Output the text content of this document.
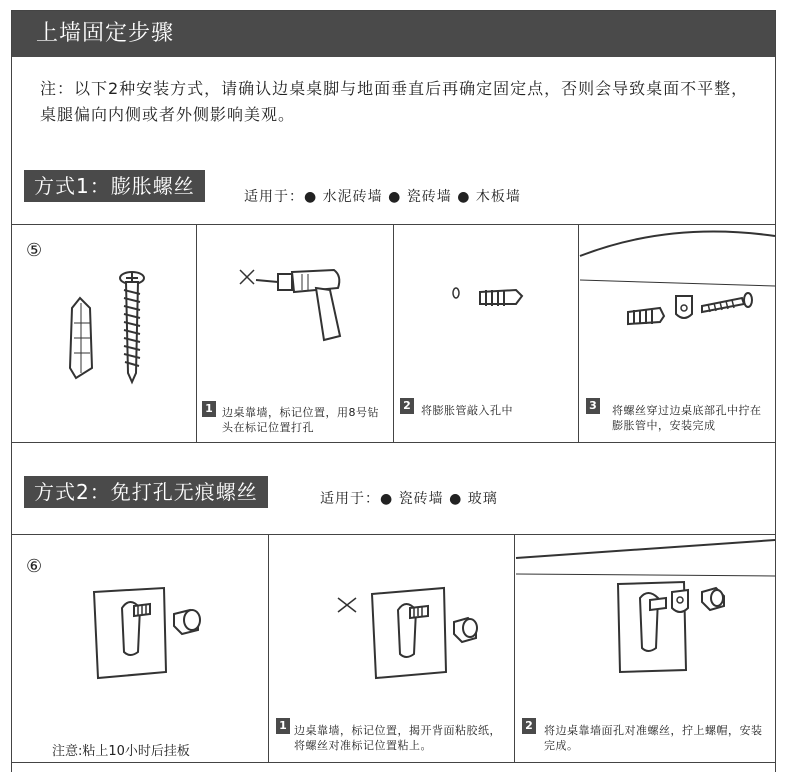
上墙固定步骤
注：以下2种安装方式，请确认边桌桌脚与地面垂直后再确定固定点，否则会导致桌面不平整，桌腿偏向内侧或者外侧影响美观。
方式1：膨胀螺丝	适用于：● 水泥砖墙 ● 瓷砖墙 ● 木板墙
⑤
1 边桌靠墙，标记位置，用8号钻头在标记位置打孔
2 将膨胀管敲入孔中	3 将螺丝穿过边桌底部孔中拧在膨胀管中，安装完成
方式2：免打孔无痕螺丝	适用于：● 瓷砖墙 ● 玻璃
⑥
注意:粘上10小时后挂板
1 边桌靠墙，标记位置，揭开背面粘胶纸，将螺丝对准标记位置粘上。
2 将边桌靠墙面孔对准螺丝，拧上螺帽，安装完成。
